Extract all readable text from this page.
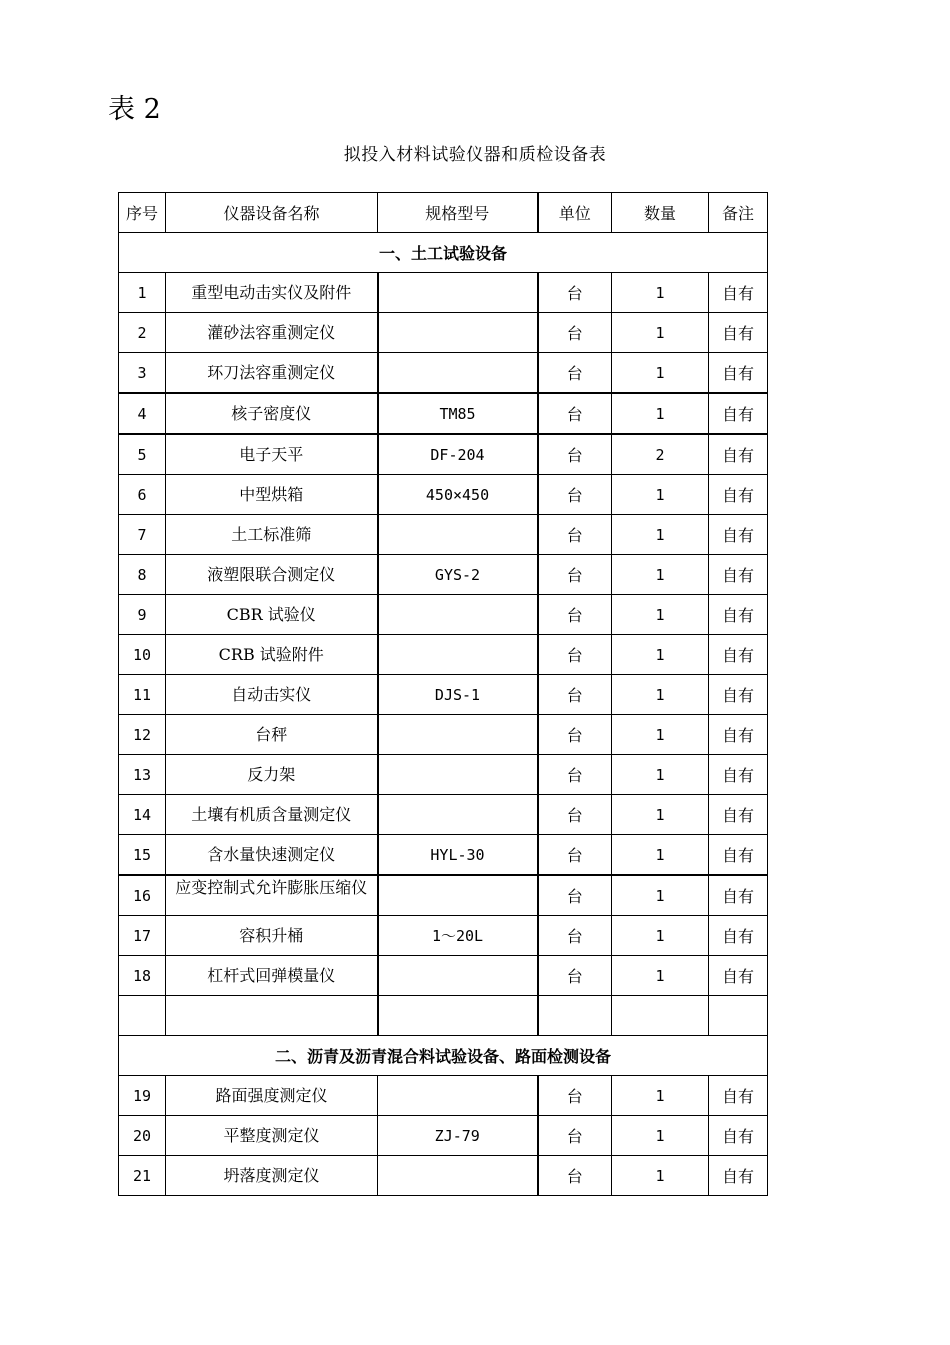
表 2
拟投入材料试验仪器和质检设备表
序号	仪器设备名称	规格型号	单位	数量	备注
一、土工试验设备					
1	重型电动击实仪及附件		台	1	自有
2	灌砂法容重测定仪		台	1	自有
3	环刀法容重测定仪		台	1	自有
4	核子密度仪	TM85	台	1	自有
5	电子天平	DF-204	台	2	自有
6	中型烘箱	450×450	台	1	自有
7	土工标准筛		台	1	自有
8	液塑限联合测定仪	GYS-2	台	1	自有
9	CBR 试验仪		台	1	自有
10	CRB 试验附件		台	1	自有
11	自动击实仪	DJS-1	台	1	自有
12	台秤		台	1	自有
13	反力架		台	1	自有
14	土壤有机质含量测定仪		台	1	自有
15	含水量快速测定仪	HYL-30	台	1	自有
16	应变控制式允许膨胀压缩仪		台	1	自有
17	容积升桶	1～20L	台	1	自有
18	杠杆式回弹模量仪		台	1	自有

二、沥青及沥青混合料试验设备、路面检测设备					
19	路面强度测定仪		台	1	自有
20	平整度测定仪	ZJ-79	台	1	自有
21	坍落度测定仪		台	1	自有
